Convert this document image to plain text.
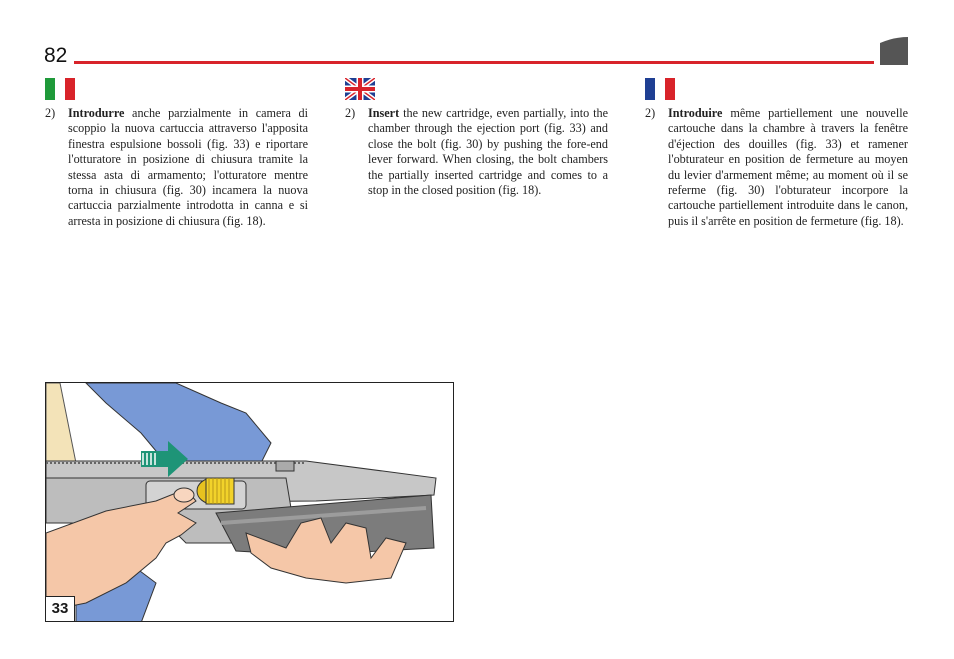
82
2)	Introdurre anche parzialmente in camera di scoppio la nuova cartuccia attraverso l'apposita finestra espulsione bossoli (fig. 33) e riportare l'otturatore in posizione di chiusura tramite la stessa asta di armamento; l'otturatore mentre torna in chiusura (fig. 30) incamera la nuova cartuccia parzialmente introdotta in canna e si arresta in posizione di chiusura (fig. 18).
2)	Insert the new cartridge, even partially, into the chamber through the ejection port (fig. 33) and close the bolt (fig. 30) by pushing the fore-end lever forward. When closing, the bolt chambers the partially inserted cartridge and comes to a stop in the closed position (fig. 18).
2)	Introduire même partiellement une nouvelle cartouche dans la chambre à travers la fenêtre d'éjection des douilles (fig. 33) et ramener l'obturateur en position de fermeture au moyen du levier d'armement même; au moment où il se referme (fig. 30) l'obturateur incorpore la cartouche partiellement introduite dans le canon, puis il s'arrête en position de fermeture (fig. 18).
33
